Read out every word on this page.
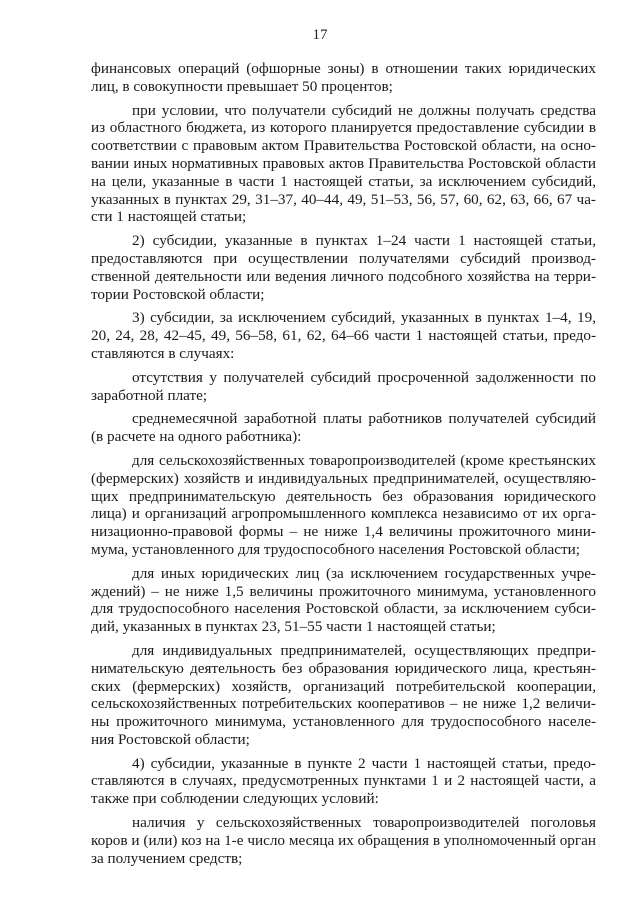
17
финансовых операций (офшорные зоны) в отношении таких юридических
лиц, в совокупности превышает 50 процентов;
при условии, что получатели субсидий не должны получать средства
из областного бюджета, из которого планируется предоставление субсидии в
соответствии с правовым актом Правительства Ростовской области, на осно-
вании иных нормативных правовых актов Правительства Ростовской области
на цели, указанные в части 1 настоящей статьи, за исключением субсидий,
указанных в пунктах 29, 31–37, 40–44, 49, 51–53, 56, 57, 60, 62, 63, 66, 67 ча-
сти 1 настоящей статьи;
2) субсидии, указанные в пунктах 1–24 части 1 настоящей статьи,
предоставляются при осуществлении получателями субсидий производ-
ственной деятельности или ведения личного подсобного хозяйства на терри-
тории Ростовской области;
3) субсидии, за исключением субсидий, указанных в пунктах 1–4, 19,
20, 24, 28, 42–45, 49, 56–58, 61, 62, 64–66 части 1 настоящей статьи, предо-
ставляются в случаях:
отсутствия у получателей субсидий просроченной задолженности по
заработной плате;
среднемесячной заработной платы работников получателей субсидий
(в расчете на одного работника):
для сельскохозяйственных товаропроизводителей (кроме крестьянских
(фермерских) хозяйств и индивидуальных предпринимателей, осуществляю-
щих предпринимательскую деятельность без образования юридического
лица) и организаций агропромышленного комплекса независимо от их орга-
низационно-правовой формы – не ниже 1,4 величины прожиточного мини-
мума, установленного для трудоспособного населения Ростовской области;
для иных юридических лиц (за исключением государственных учре-
ждений) – не ниже 1,5 величины прожиточного минимума, установленного
для трудоспособного населения Ростовской области, за исключением субси-
дий, указанных в пунктах 23, 51–55 части 1 настоящей статьи;
для индивидуальных предпринимателей, осуществляющих предпри-
нимательскую деятельность без образования юридического лица, крестьян-
ских (фермерских) хозяйств, организаций потребительской кооперации,
сельскохозяйственных потребительских кооперативов – не ниже 1,2 величи-
ны прожиточного минимума, установленного для трудоспособного населе-
ния Ростовской области;
4) субсидии, указанные в пункте 2 части 1 настоящей статьи, предо-
ставляются в случаях, предусмотренных пунктами 1 и 2 настоящей части, а
также при соблюдении следующих условий:
наличия у сельскохозяйственных товаропроизводителей поголовья
коров и (или) коз на 1-е число месяца их обращения в уполномоченный орган
за получением средств;
